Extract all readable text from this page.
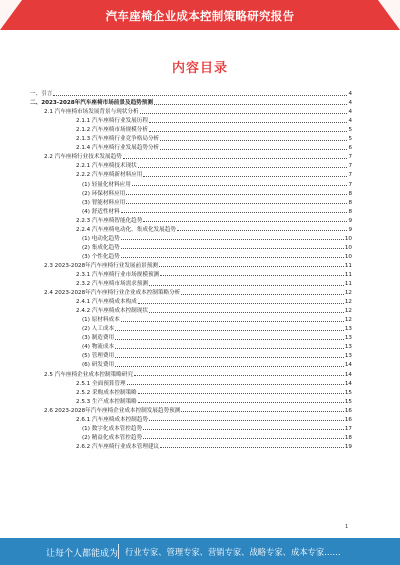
汽车座椅企业成本控制策略研究报告
内容目录
一、引言	4
二、2023-2028年汽车座椅市场前景及趋势预测	4
2.1 汽车座椅市场发展背景与现状分析	4
2.1.1 汽车座椅行业发展历程	4
2.1.2 汽车座椅市场规模分析	5
2.1.3 汽车座椅行业竞争格局分析	5
2.1.4 汽车座椅行业发展趋势分析	6
2.2 汽车座椅行业技术发展趋势	7
2.2.1 汽车座椅技术现状	7
2.2.2 汽车座椅新材料应用	7
(1) 轻量化材料应用	7
(2) 环保材料应用	8
(3) 智能材料应用	8
(4) 舒适性材料	8
2.2.3 汽车座椅智能化趋势	9
2.2.4 汽车座椅电动化、集成化发展趋势	9
(1) 电动化趋势	10
(2) 集成化趋势	10
(3) 个性化趋势	10
2.3 2023-2028年汽车座椅行业发展前景预测	11
2.3.1 汽车座椅行业市场规模预测	11
2.3.2 汽车座椅市场需求预测	11
2.4 2023-2028年汽车座椅行业企业成本控制策略分析	12
2.4.1 汽车座椅成本构成	12
2.4.2 汽车座椅成本控制现状	12
(1) 原材料成本	12
(2) 人工成本	13
(3) 制造费用	13
(4) 物流成本	13
(5) 管理费用	13
(6) 研发费用	14
2.5 汽车座椅企业成本控制策略研究	14
2.5.1 全面预算管理	14
2.5.2 采购成本控制策略	15
2.5.3 生产成本控制策略	15
2.6 2023-2028年汽车座椅企业成本控制发展趋势预测	16
2.6.1 汽车座椅成本控制趋势	16
(1) 数字化成本管控趋势	17
(2) 精益化成本管控趋势	18
2.6.2 汽车座椅行业成本管理建议	19
1
让每个人都能成为 行业专家、管理专家、营销专家、战略专家、成本专家……
